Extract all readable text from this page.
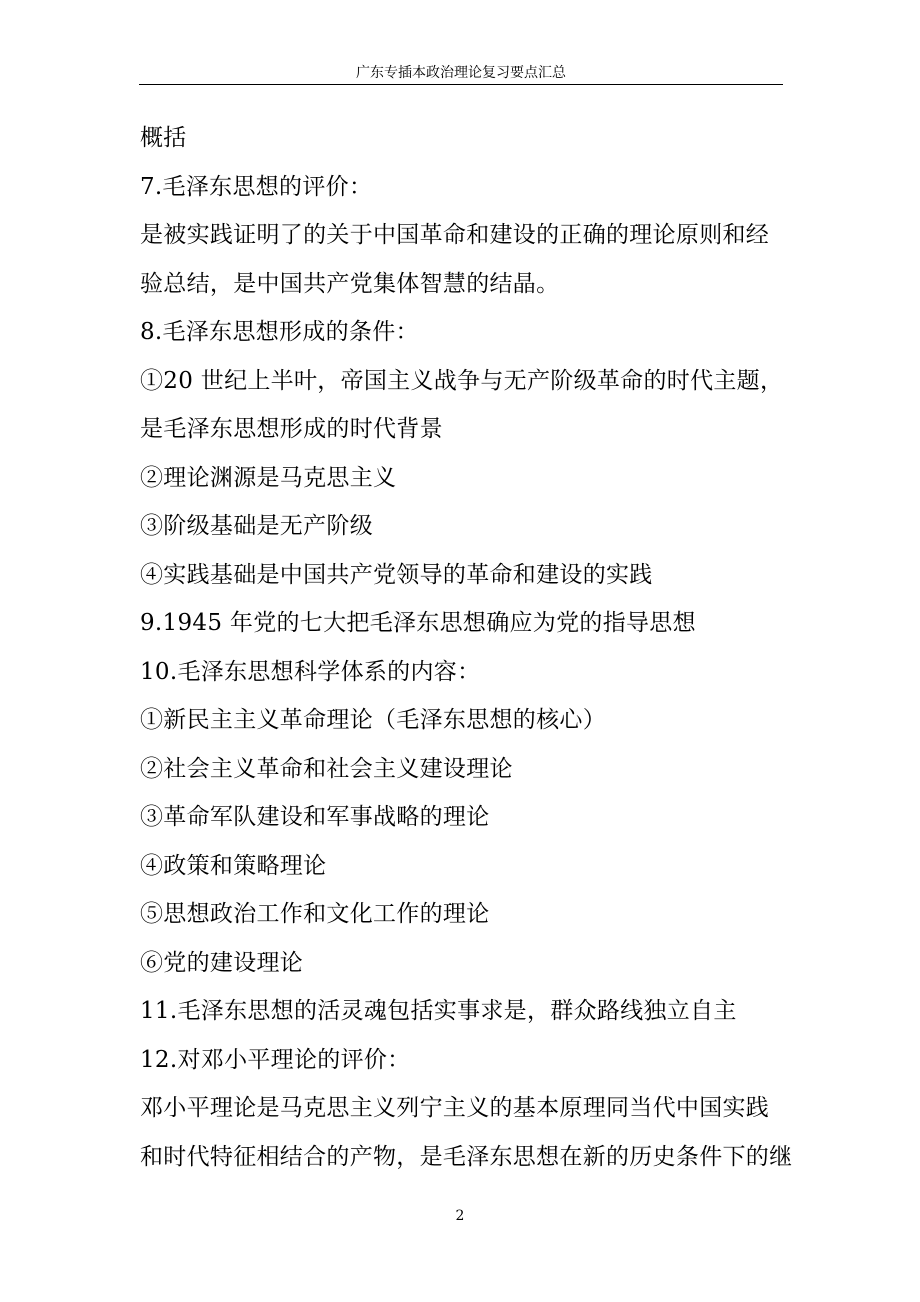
广东专插本政治理论复习要点汇总
概括
7.毛泽东思想的评价：
是被实践证明了的关于中国革命和建设的正确的理论原则和经
验总结，是中国共产党集体智慧的结晶。
8.毛泽东思想形成的条件：
①20 世纪上半叶，帝国主义战争与无产阶级革命的时代主题，
是毛泽东思想形成的时代背景
②理论渊源是马克思主义
③阶级基础是无产阶级
④实践基础是中国共产党领导的革命和建设的实践
9.1945 年党的七大把毛泽东思想确应为党的指导思想
10.毛泽东思想科学体系的内容：
①新民主主义革命理论（毛泽东思想的核心）
②社会主义革命和社会主义建设理论
③革命军队建设和军事战略的理论
④政策和策略理论
⑤思想政治工作和文化工作的理论
⑥党的建设理论
11.毛泽东思想的活灵魂包括实事求是，群众路线独立自主
12.对邓小平理论的评价：
邓小平理论是马克思主义列宁主义的基本原理同当代中国实践
和时代特征相结合的产物，是毛泽东思想在新的历史条件下的继
2
